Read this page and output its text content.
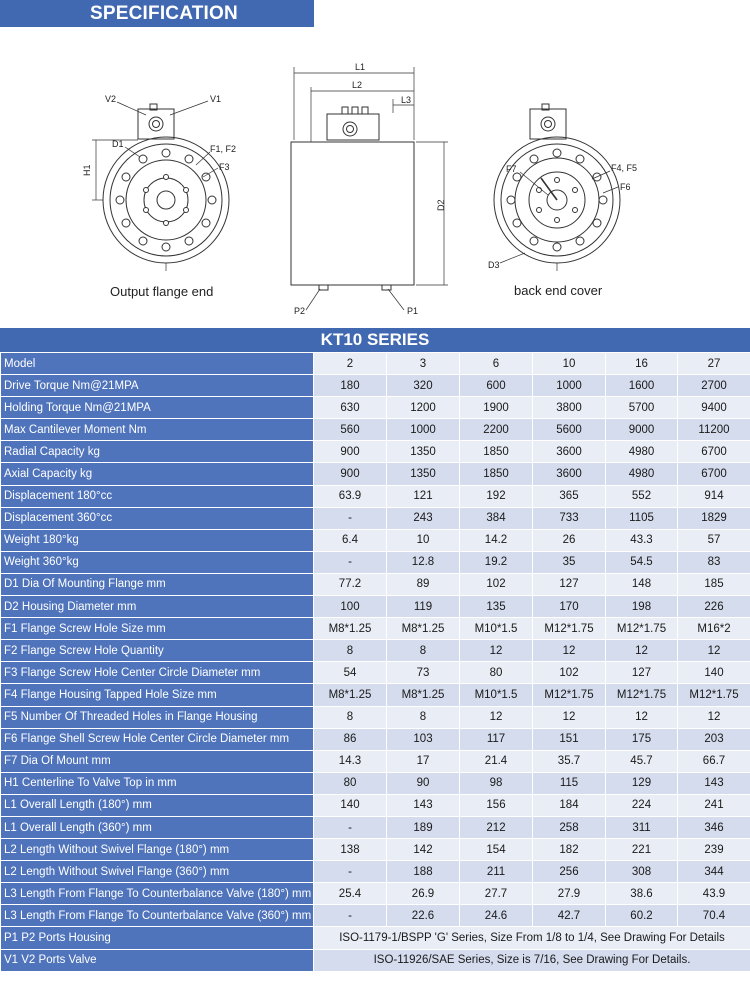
SPECIFICATION
V2	V1
D1
H1
F1, F2
F3
L1
L2
L3
D2
P2	P1
F7	F4, F5
F6
D3
Output flange end	back end cover
KT10 SERIES
Model	2	3	6	10	16	27
Drive Torque Nm@21MPA	180	320	600	1000	1600	2700
Holding Torque Nm@21MPA	630	1200	1900	3800	5700	9400
Max Cantilever Moment Nm	560	1000	2200	5600	9000	11200
Radial Capacity kg	900	1350	1850	3600	4980	6700
Axial Capacity kg	900	1350	1850	3600	4980	6700
Displacement 180°cc	63.9	121	192	365	552	914
Displacement 360°cc	-	243	384	733	1105	1829
Weight 180°kg	6.4	10	14.2	26	43.3	57
Weight 360°kg	-	12.8	19.2	35	54.5	83
D1 Dia Of Mounting Flange mm	77.2	89	102	127	148	185
D2 Housing Diameter mm	100	119	135	170	198	226
F1 Flange Screw Hole Size mm	M8*1.25	M8*1.25	M10*1.5	M12*1.75	M12*1.75	M16*2
F2 Flange Screw Hole Quantity	8	8	12	12	12	12
F3 Flange Screw Hole Center Circle Diameter mm	54	73	80	102	127	140
F4 Flange Housing Tapped Hole Size mm	M8*1.25	M8*1.25	M10*1.5	M12*1.75	M12*1.75	M12*1.75
F5 Number Of Threaded Holes in Flange Housing	8	8	12	12	12	12
F6 Flange Shell Screw Hole Center Circle Diameter mm	86	103	117	151	175	203
F7 Dia Of Mount mm	14.3	17	21.4	35.7	45.7	66.7
H1 Centerline To Valve Top in mm	80	90	98	115	129	143
L1 Overall Length (180°) mm	140	143	156	184	224	241
L1 Overall Length (360°) mm	-	189	212	258	311	346
L2 Length Without Swivel Flange (180°) mm	138	142	154	182	221	239
L2 Length Without Swivel Flange (360°) mm	-	188	211	256	308	344
L3 Length From Flange To Counterbalance Valve (180°) mm	25.4	26.9	27.7	27.9	38.6	43.9
L3 Length From Flange To Counterbalance Valve (360°) mm	-	22.6	24.6	42.7	60.2	70.4
P1 P2 Ports Housing	ISO-1179-1/BSPP 'G' Series, Size From 1/8 to 1/4, See Drawing For Details					
V1 V2 Ports Valve	ISO-11926/SAE Series, Size is 7/16, See Drawing For Details.					
